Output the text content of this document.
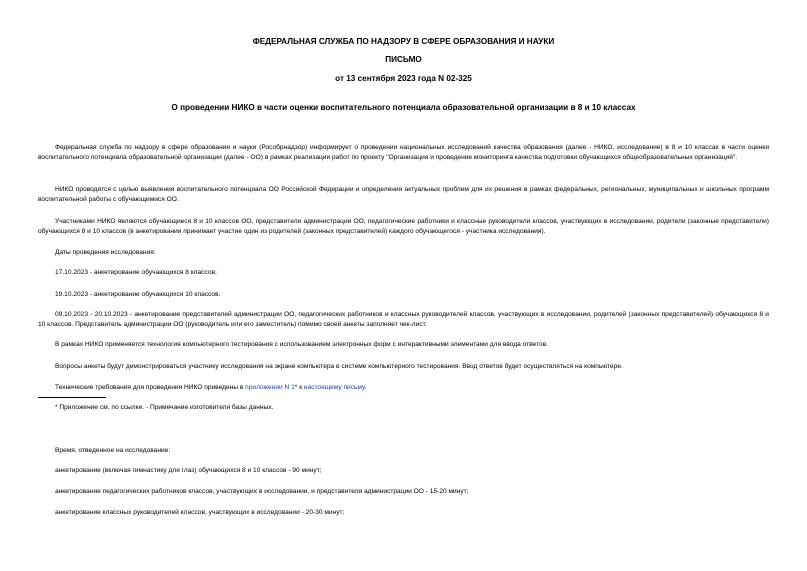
ФЕДЕРАЛЬНАЯ СЛУЖБА ПО НАДЗОРУ В СФЕРЕ ОБРАЗОВАНИЯ И НАУКИ

ПИСЬМО

от 13 сентября 2023 года N 02-325

О проведении НИКО в части оценки воспитательного потенциала образовательной организации в 8 и 10 классах

Федеральная служба по надзору в сфере образования и науки (Рособрнадзор) информирует о проведении национальных исследований качества образования (далее - НИКО, исследование) в 8 и 10 классах в части оценки воспитательного потенциала образовательной организации (далее - ОО) в рамках реализации работ по проекту "Организация и проведение мониторинга качества подготовки обучающихся общеобразовательных организаций".

НИКО проводятся с целью выявления воспитательного потенциала ОО Российской Федерации и определения актуальных проблем для их решения в рамках федеральных, региональных, муниципальных и школьных программ воспитательной работы с обучающимися ОО.

Участниками НИКО являются обучающиеся 8 и 10 классов ОО, представители администрации ОО, педагогические работники и классные руководители классов, участвующих в исследовании, родители (законные представители) обучающихся 8 и 10 классов (в анкетировании принимает участие один из родителей (законных представителей) каждого обучающегося - участника исследования).

Даты проведения исследования:

17.10.2023 - анкетирование обучающихся 8 классов;

19.10.2023 - анкетирование обучающихся 10 классов.

09.10.2023 - 20.10.2023 - анкетирование представителей администрации ОО, педагогических работников и классных руководителей классов, участвующих в исследовании, родителей (законных представителей) обучающихся 8 и 10 классов. Представитель администрации ОО (руководитель или его заместитель) помимо своей анкеты заполняет чек-лист.

В рамках НИКО применяется технология компьютерного тестирования с использованием электронных форм с интерактивными элементами для ввода ответов.

Вопросы анкеты будут демонстрироваться участнику исследования на экране компьютера в системе компьютерного тестирования. Ввод ответов будет осуществляться на компьютере.

Технические требования для проведения НИКО приведены в приложении N 1* к настоящему письму.

* Приложение см. по ссылке. - Примечание изготовителя базы данных.

Время, отведенное на исследование:

анкетирование (включая гимнастику для глаз) обучающихся 8 и 10 классов - 90 минут;

анкетирование педагогических работников классов, участвующих в исследовании, и представителя администрации ОО - 15-20 минут;

анкетирование классных руководителей классов, участвующих в исследовании - 20-30 минут;
